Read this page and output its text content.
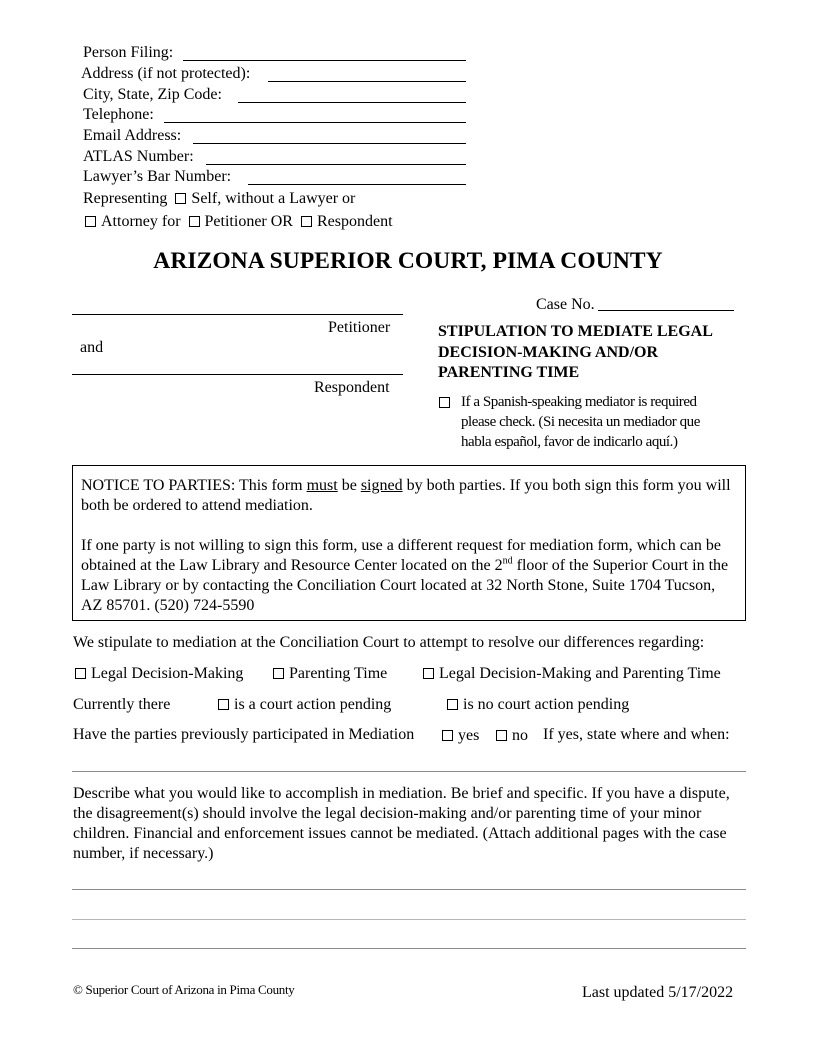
Person Filing:
Address (if not protected):
City, State, Zip Code:
Telephone:
Email Address:
ATLAS Number:
Lawyer’s Bar Number:
Representing Self, without a Lawyer or
Attorney for Petitioner OR Respondent
ARIZONA SUPERIOR COURT, PIMA COUNTY
Petitioner
and
Respondent
Case No.
STIPULATION TO MEDIATE LEGAL DECISION-MAKING AND/OR PARENTING TIME
If a Spanish-speaking mediator is required
please check. (Si necesita un mediador que
habla español, favor de indicarlo aquí.)
NOTICE TO PARTIES: This form must be signed by both parties. If you both sign this form you will both be ordered to attend mediation.
If one party is not willing to sign this form, use a different request for mediation form, which can be obtained at the Law Library and Resource Center located on the 2nd floor of the Superior Court in the Law Library or by contacting the Conciliation Court located at 32 North Stone, Suite 1704 Tucson, AZ 85701. (520) 724-5590
We stipulate to mediation at the Conciliation Court to attempt to resolve our differences regarding:
Legal Decision-Making	Parenting Time	Legal Decision-Making and Parenting Time
Currently there	is a court action pending	is no court action pending
Have the parties previously participated in Mediation	yes	no If yes, state where and when:
Describe what you would like to accomplish in mediation. Be brief and specific. If you have a dispute, the disagreement(s) should involve the legal decision-making and/or parenting time of your minor children. Financial and enforcement issues cannot be mediated. (Attach additional pages with the case number, if necessary.)
© Superior Court of Arizona in Pima County	Last updated 5/17/2022
